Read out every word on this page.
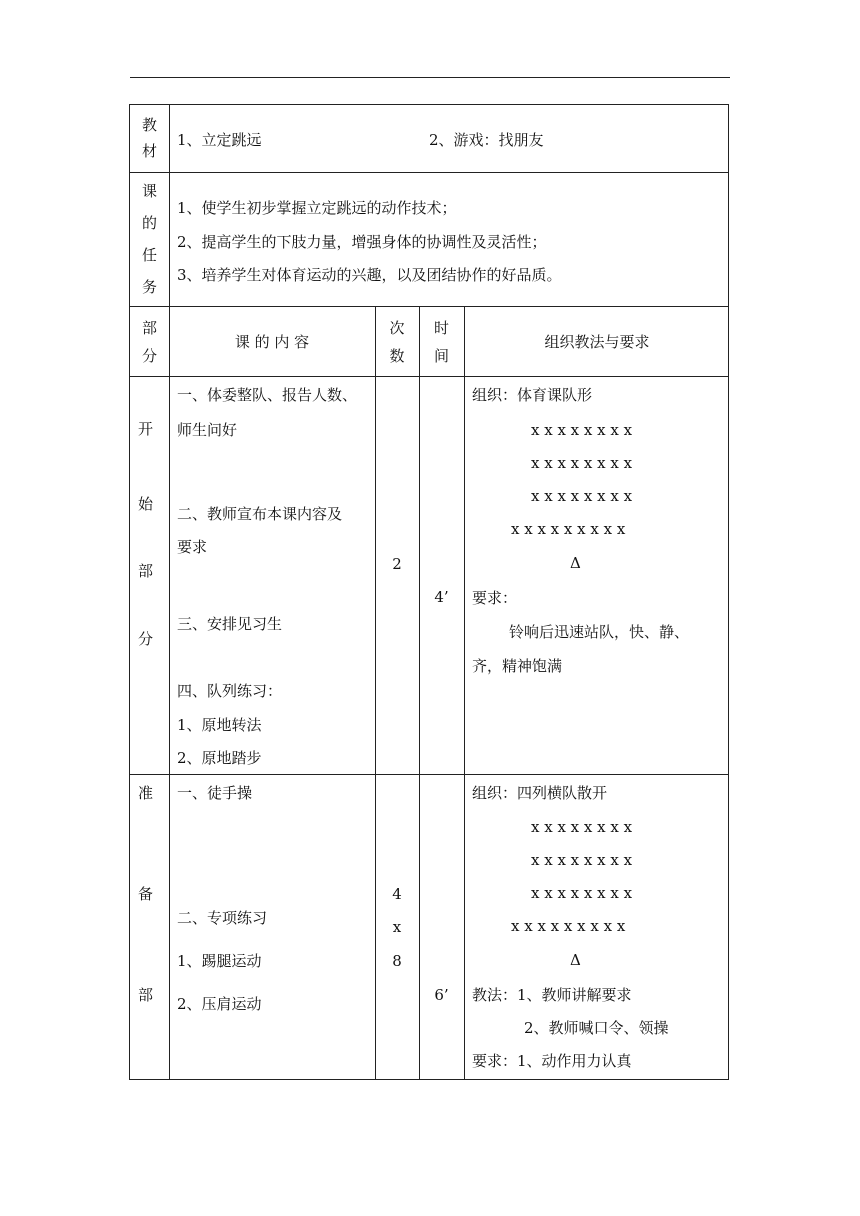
教
材
1、立定跳远	2、游戏：找朋友
课
的
任
务
1、使学生初步掌握立定跳远的动作技术；
2、提高学生的下肢力量，增强身体的协调性及灵活性；
3、培养学生对体育运动的兴趣，以及团结协作的好品质。
部
分
课 的 内 容
次
数
时
间
组织教法与要求
开
始
部
分
一、体委整队、报告人数、
师生问好
二、教师宣布本课内容及
要求
三、安排见习生
四、队列练习：
1、原地转法
2、原地踏步
2
4’
组织：体育课队形
x x x x x x x x
x x x x x x x x
x x x x x x x x
x x x x x x x x x
Δ
要求：
铃响后迅速站队，快、静、
齐，精神饱满
准
备
部
一、徒手操
二、专项练习
1、踢腿运动
2、压肩运动
4
x
8
6’
组织：四列横队散开
x x x x x x x x
x x x x x x x x
x x x x x x x x
x x x x x x x x x
Δ
教法：1、教师讲解要求
2、教师喊口令、领操
要求：1、动作用力认真
